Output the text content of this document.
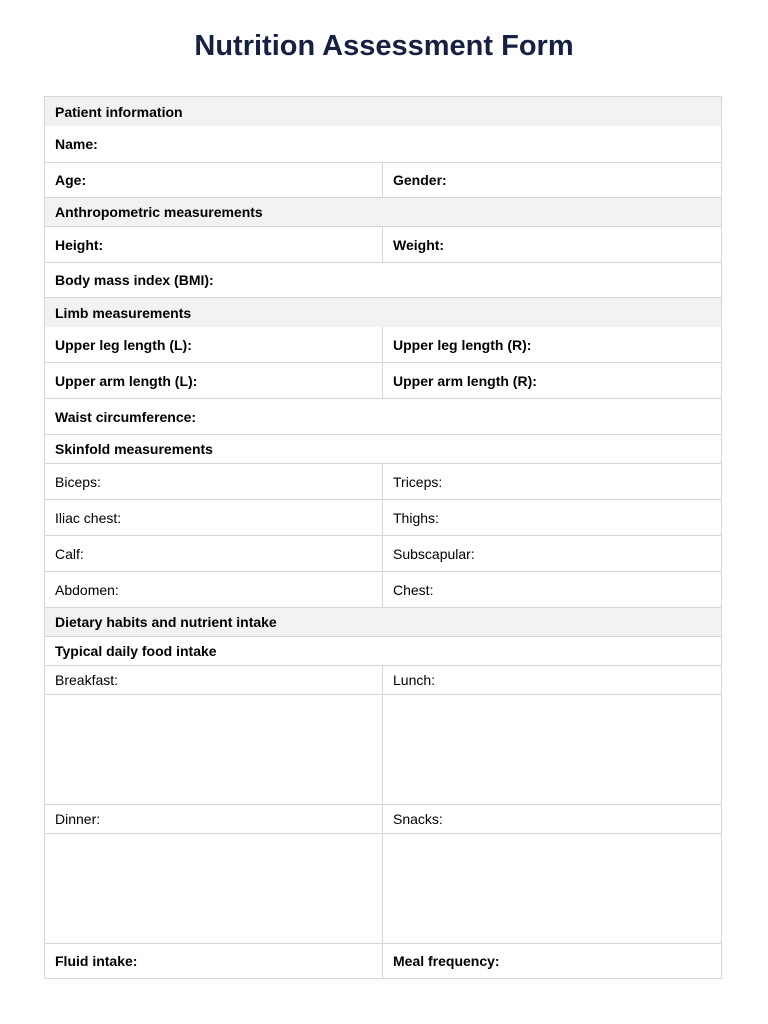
Nutrition Assessment Form
Patient information
Name:
Age:	Gender:
Anthropometric measurements
Height:	Weight:
Body mass index (BMI):
Limb measurements
Upper leg length (L):	Upper leg length (R):
Upper arm length (L):	Upper arm length (R):
Waist circumference:
Skinfold measurements
Biceps:	Triceps:
Iliac chest:	Thighs:
Calf:	Subscapular:
Abdomen:	Chest:
Dietary habits and nutrient intake
Typical daily food intake
Breakfast:	Lunch:
Dinner:	Snacks:
Fluid intake:	Meal frequency:
